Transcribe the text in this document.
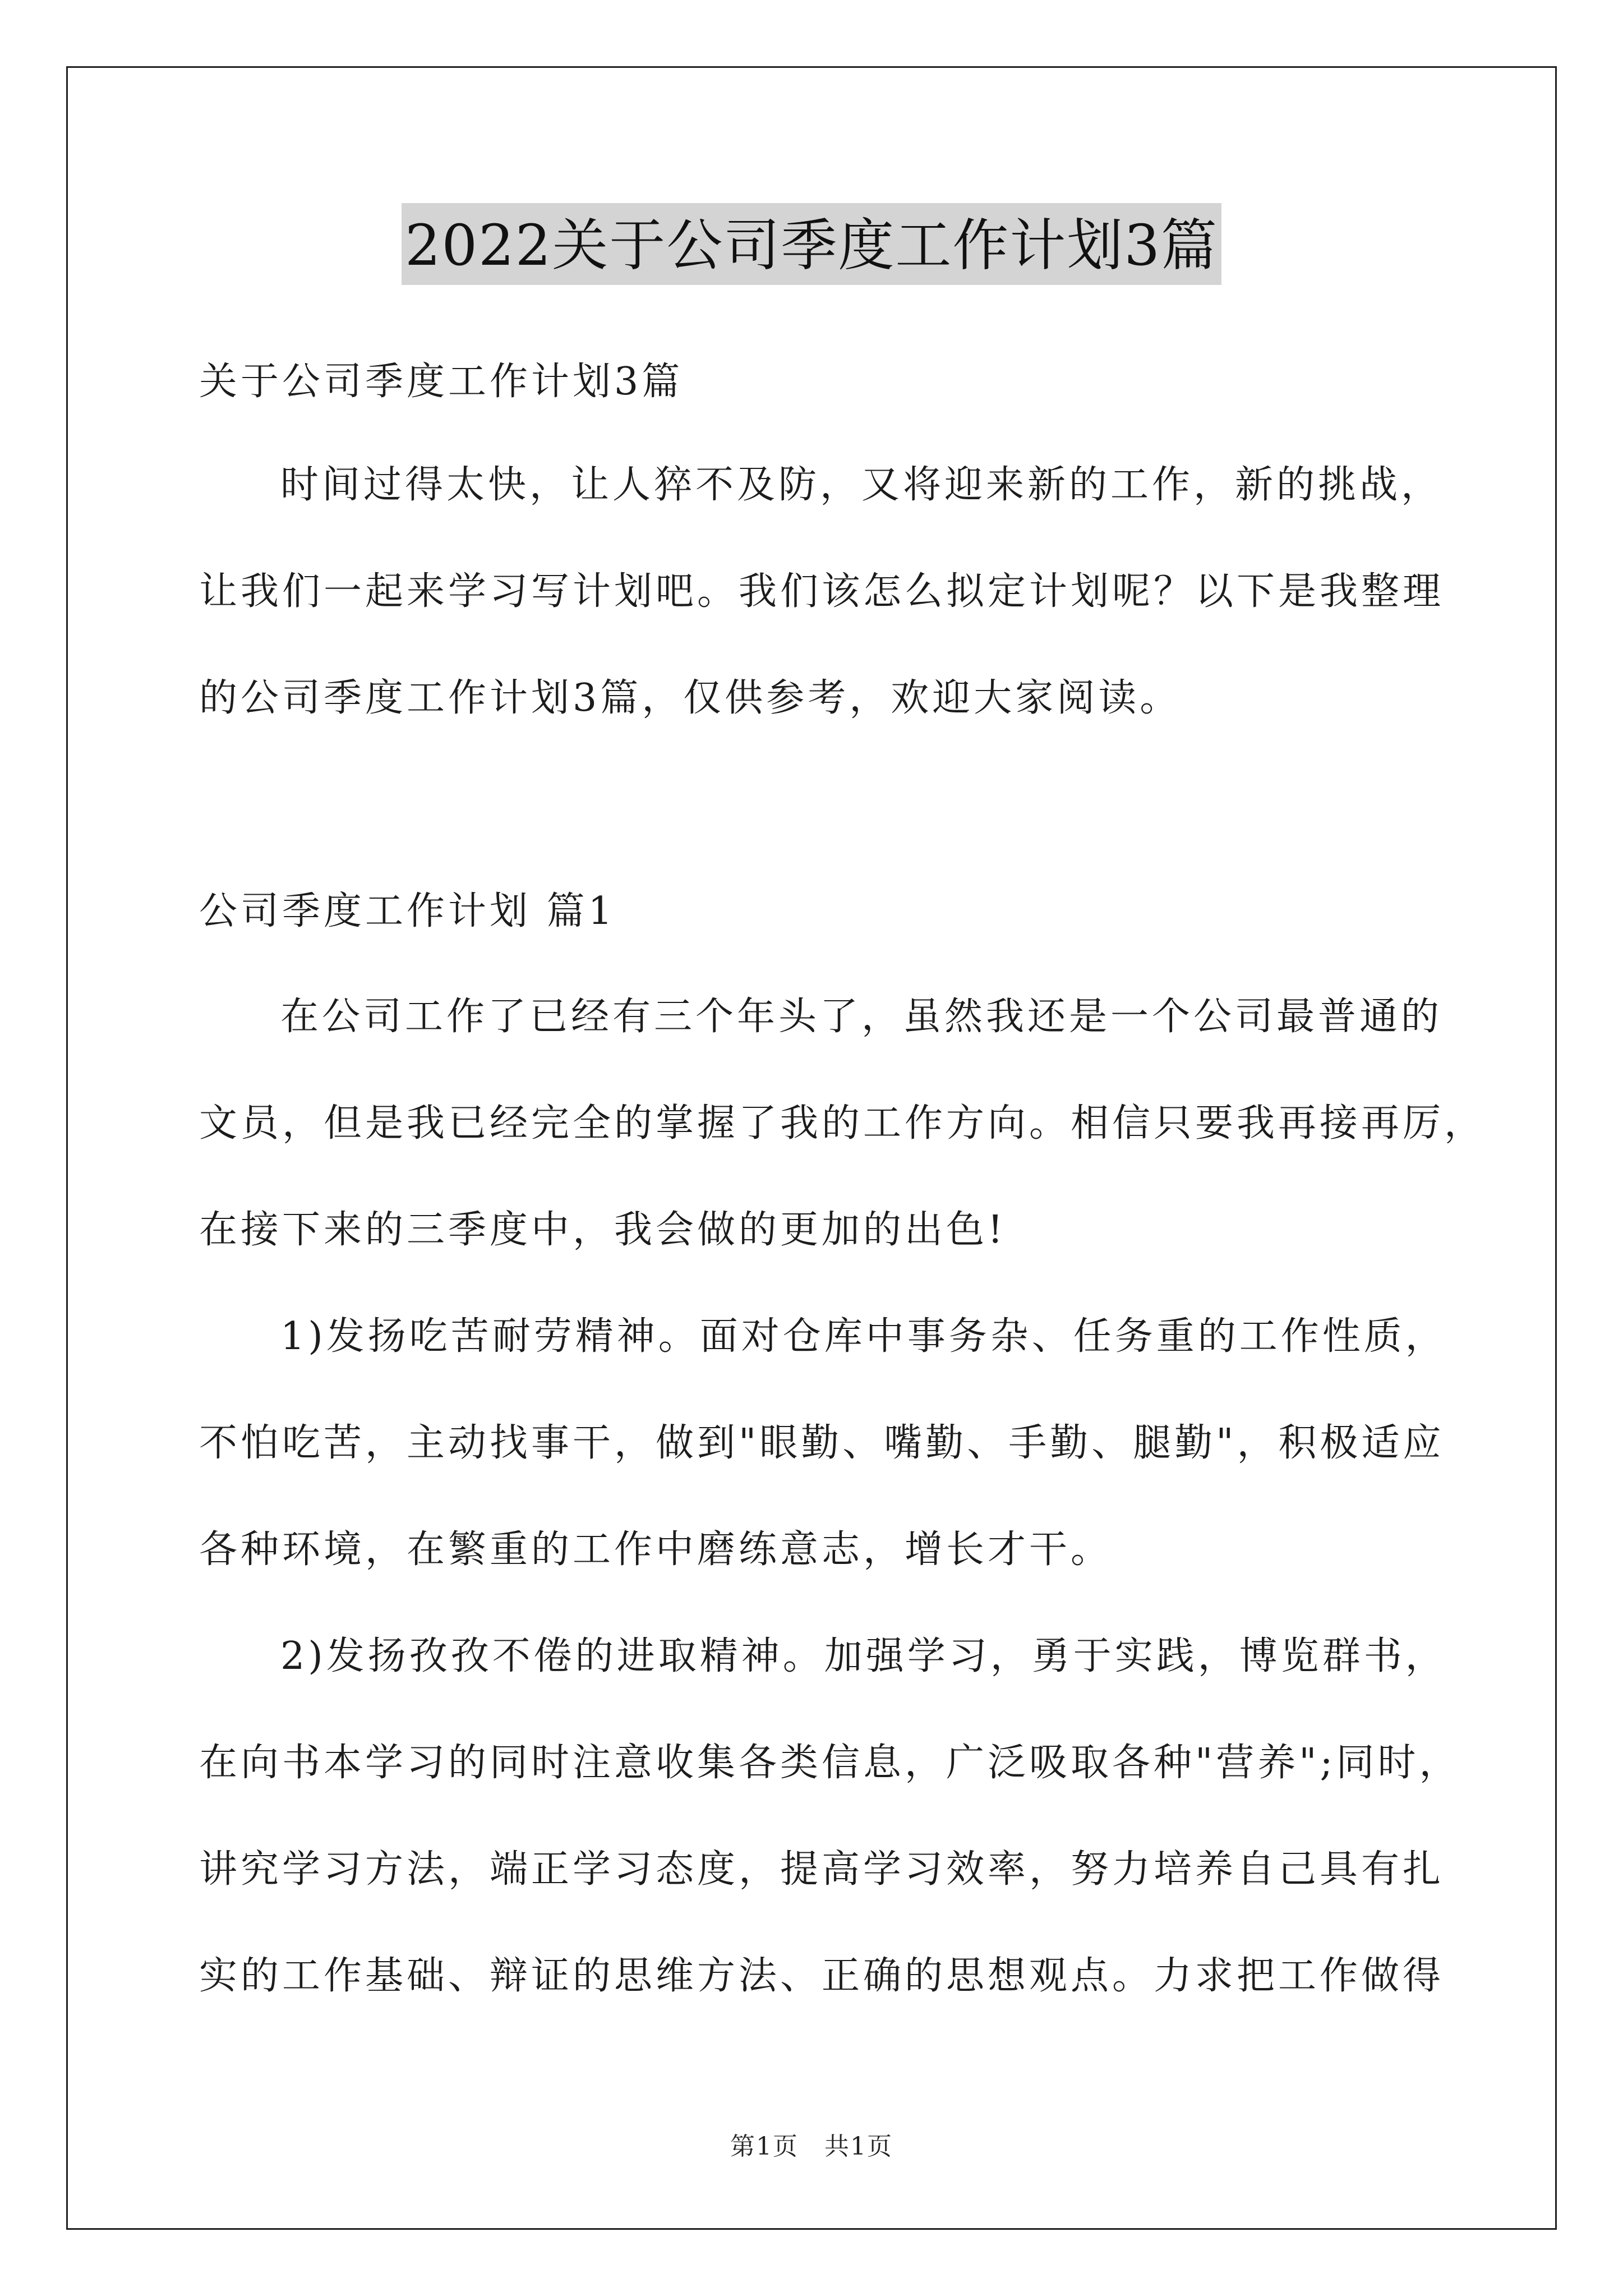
2022关于公司季度工作计划3篇
关于公司季度工作计划3篇
时间过得太快，让人猝不及防，又将迎来新的工作，新的挑战，
让我们一起来学习写计划吧。我们该怎么拟定计划呢？以下是我整理
的公司季度工作计划3篇，仅供参考，欢迎大家阅读。
公司季度工作计划 篇1
在公司工作了已经有三个年头了，虽然我还是一个公司最普通的
文员，但是我已经完全的掌握了我的工作方向。相信只要我再接再厉，
在接下来的三季度中，我会做的更加的出色!
1)发扬吃苦耐劳精神。面对仓库中事务杂、任务重的工作性质，
不怕吃苦，主动找事干，做到"眼勤、嘴勤、手勤、腿勤"，积极适应
各种环境，在繁重的工作中磨练意志，增长才干。
2)发扬孜孜不倦的进取精神。加强学习，勇于实践，博览群书，
在向书本学习的同时注意收集各类信息，广泛吸取各种"营养";同时，
讲究学习方法，端正学习态度，提高学习效率，努力培养自己具有扎
实的工作基础、辩证的思维方法、正确的思想观点。力求把工作做得
第1页　共1页
